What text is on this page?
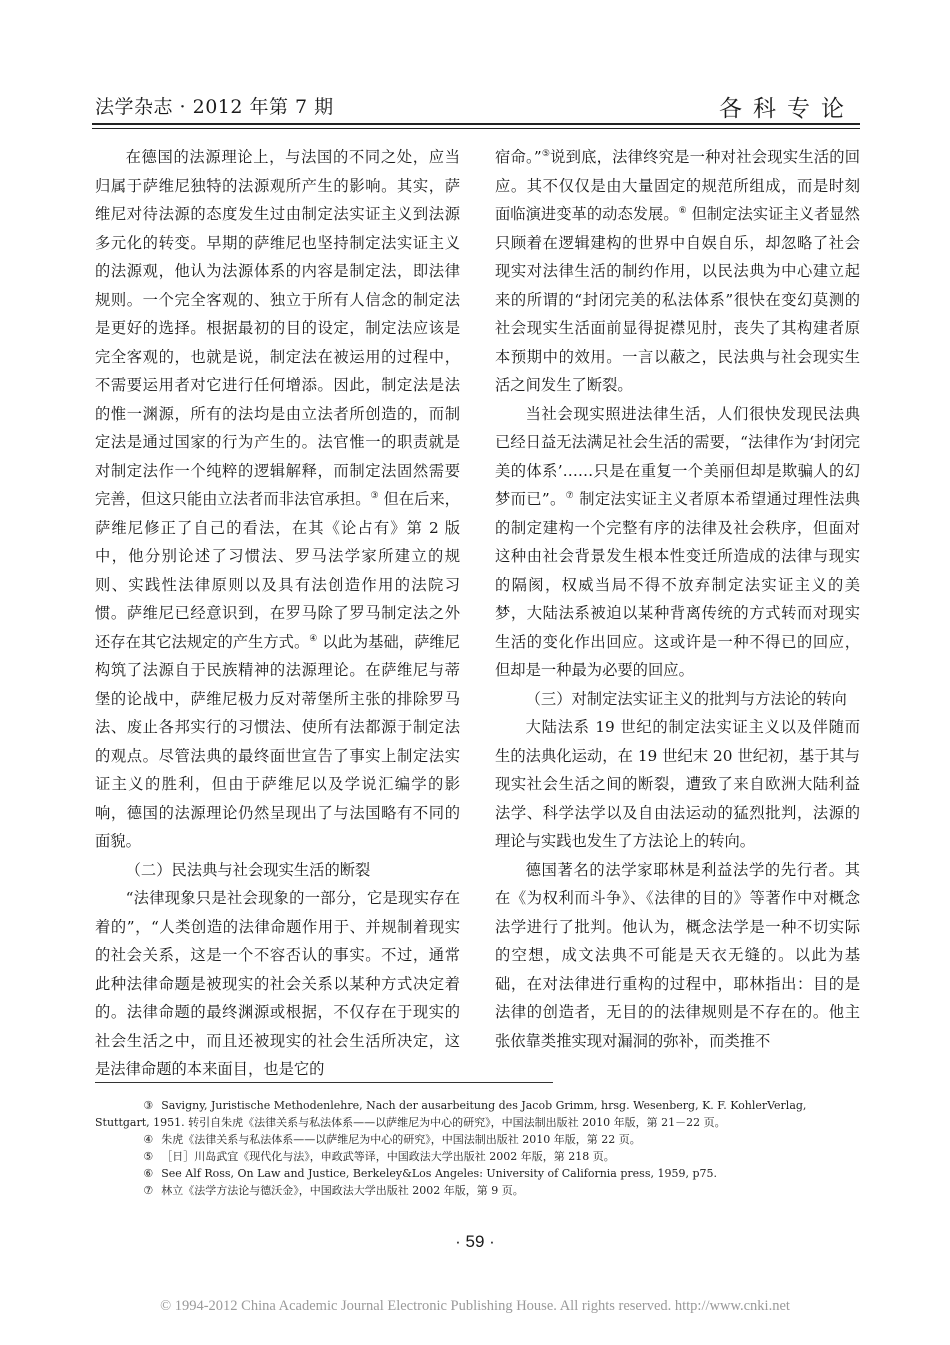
法学杂志 · 2012 年第 7 期	各科专论

在德国的法源理论上，与法国的不同之处，应当归属于萨维尼独特的法源观所产生的影响。其实，萨维尼对待法源的态度发生过由制定法实证主义到法源多元化的转变。早期的萨维尼也坚持制定法实证主义的法源观，他认为法源体系的内容是制定法，即法律规则。一个完全客观的、独立于所有人信念的制定法是更好的选择。根据最初的目的设定，制定法应该是完全客观的，也就是说，制定法在被运用的过程中，不需要运用者对它进行任何增添。因此，制定法是法的惟一渊源，所有的法均是由立法者所创造的，而制定法是通过国家的行为产生的。法官惟一的职责就是对制定法作一个纯粹的逻辑解释，而制定法固然需要完善，但这只能由立法者而非法官承担。③ 但在后来，萨维尼修正了自己的看法，在其《论占有》第 2 版中，他分别论述了习惯法、罗马法学家所建立的规则、实践性法律原则以及具有法创造作用的法院习惯。萨维尼已经意识到，在罗马除了罗马制定法之外还存在其它法规定的产生方式。④ 以此为基础，萨维尼构筑了法源自于民族精神的法源理论。在萨维尼与蒂堡的论战中，萨维尼极力反对蒂堡所主张的排除罗马法、废止各邦实行的习惯法、使所有法都源于制定法的观点。尽管法典的最终面世宣告了事实上制定法实证主义的胜利，但由于萨维尼以及学说汇编学的影响，德国的法源理论仍然呈现出了与法国略有不同的面貌。

（二）民法典与社会现实生活的断裂

“法律现象只是社会现象的一部分，它是现实存在着的”，“人类创造的法律命题作用于、并规制着现实的社会关系，这是一个不容否认的事实。不过，通常此种法律命题是被现实的社会关系以某种方式决定着的。法律命题的最终渊源或根据，不仅存在于现实的社会生活之中，而且还被现实的社会生活所决定，这是法律命题的本来面目，也是它的

宿命。”⑤说到底，法律终究是一种对社会现实生活的回应。其不仅仅是由大量固定的规范所组成，而是时刻面临演进变革的动态发展。⑥ 但制定法实证主义者显然只顾着在逻辑建构的世界中自娱自乐，却忽略了社会现实对法律生活的制约作用，以民法典为中心建立起来的所谓的“封闭完美的私法体系”很快在变幻莫测的社会现实生活面前显得捉襟见肘，丧失了其构建者原本预期中的效用。一言以蔽之，民法典与社会现实生活之间发生了断裂。

当社会现实照进法律生活，人们很快发现民法典已经日益无法满足社会生活的需要，“法律作为‘封闭完美的体系’……只是在重复一个美丽但却是欺骗人的幻梦而已”。⑦ 制定法实证主义者原本希望通过理性法典的制定建构一个完整有序的法律及社会秩序，但面对这种由社会背景发生根本性变迁所造成的法律与现实的隔阂，权威当局不得不放弃制定法实证主义的美梦，大陆法系被迫以某种背离传统的方式转而对现实生活的变化作出回应。这或许是一种不得已的回应，但却是一种最为必要的回应。

（三）对制定法实证主义的批判与方法论的转向

大陆法系 19 世纪的制定法实证主义以及伴随而生的法典化运动，在 19 世纪末 20 世纪初，基于其与现实社会生活之间的断裂，遭致了来自欧洲大陆利益法学、科学法学以及自由法运动的猛烈批判，法源的理论与实践也发生了方法论上的转向。

德国著名的法学家耶林是利益法学的先行者。其在《为权利而斗争》、《法律的目的》等著作中对概念法学进行了批判。他认为，概念法学是一种不切实际的空想，成文法典不可能是天衣无缝的。以此为基础，在对法律进行重构的过程中，耶林指出：目的是法律的创造者，无目的的法律规则是不存在的。他主张依靠类推实现对漏洞的弥补，而类推不

③ Savigny, Juristische Methodenlehre, Nach der ausarbeitung des Jacob Grimm, hrsg. Wesenberg, K. F. KohlerVerlag, Stuttgart, 1951. 转引自朱虎《法律关系与私法体系——以萨维尼为中心的研究》，中国法制出版社 2010 年版，第 21－22 页。

④ 朱虎《法律关系与私法体系——以萨维尼为中心的研究》，中国法制出版社 2010 年版，第 22 页。

⑤ ［日］川岛武宜《现代化与法》，申政武等译，中国政法大学出版社 2002 年版，第 218 页。

⑥ See Alf Ross, On Law and Justice, Berkeley&Los Angeles: University of California press, 1959, p75.

⑦ 林立《法学方法论与德沃金》，中国政法大学出版社 2002 年版，第 9 页。

· 59 ·
© 1994-2012 China Academic Journal Electronic Publishing House. All rights reserved. http://www.cnki.net
